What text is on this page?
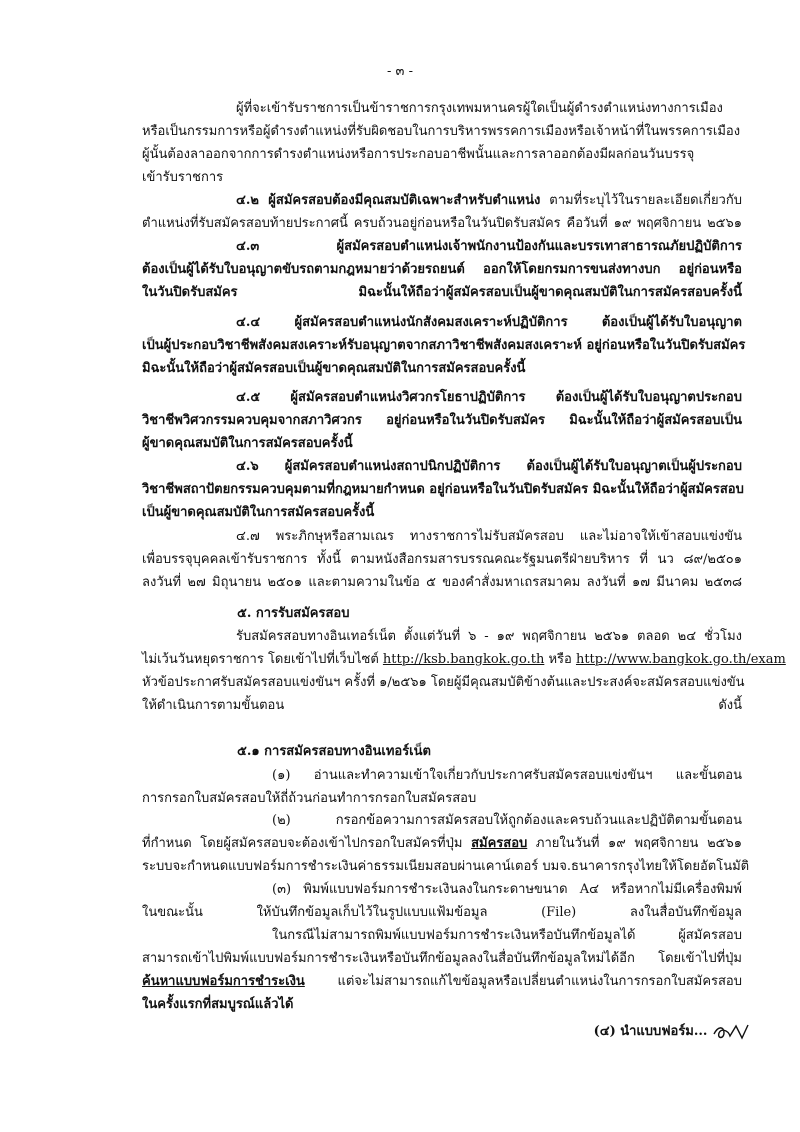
- ๓ -
ผู้ที่จะเข้ารับราชการเป็นข้าราชการกรุงเทพมหานครผู้ใดเป็นผู้ดำรงตำแหน่งทางการเมือง
หรือเป็นกรรมการหรือผู้ดำรงตำแหน่งที่รับผิดชอบในการบริหารพรรคการเมืองหรือเจ้าหน้าที่ในพรรคการเมือง
ผู้นั้นต้องลาออกจากการดำรงตำแหน่งหรือการประกอบอาชีพนั้นและการลาออกต้องมีผลก่อนวันบรรจุ
เข้ารับราชการ
๔.๒ ผู้สมัครสอบต้องมีคุณสมบัติเฉพาะสำหรับตำแหน่ง ตามที่ระบุไว้ในรายละเอียดเกี่ยวกับ
ตำแหน่งที่รับสมัครสอบท้ายประกาศนี้ ครบถ้วนอยู่ก่อนหรือในวันปิดรับสมัคร คือวันที่ ๑๙ พฤศจิกายน ๒๕๖๑
๔.๓ ผู้สมัครสอบตำแหน่งเจ้าพนักงานป้องกันและบรรเทาสาธารณภัยปฏิบัติการ
ต้องเป็นผู้ได้รับใบอนุญาตขับรถตามกฎหมายว่าด้วยรถยนต์ ออกให้โดยกรมการขนส่งทางบก อยู่ก่อนหรือ
ในวันปิดรับสมัคร มิฉะนั้นให้ถือว่าผู้สมัครสอบเป็นผู้ขาดคุณสมบัติในการสมัครสอบครั้งนี้
๔.๔ ผู้สมัครสอบตำแหน่งนักสังคมสงเคราะห์ปฏิบัติการ ต้องเป็นผู้ได้รับใบอนุญาต
เป็นผู้ประกอบวิชาชีพสังคมสงเคราะห์รับอนุญาตจากสภาวิชาชีพสังคมสงเคราะห์ อยู่ก่อนหรือในวันปิดรับสมัคร
มิฉะนั้นให้ถือว่าผู้สมัครสอบเป็นผู้ขาดคุณสมบัติในการสมัครสอบครั้งนี้
๔.๕ ผู้สมัครสอบตำแหน่งวิศวกรโยธาปฏิบัติการ ต้องเป็นผู้ได้รับใบอนุญาตประกอบ
วิชาชีพวิศวกรรมควบคุมจากสภาวิศวกร อยู่ก่อนหรือในวันปิดรับสมัคร มิฉะนั้นให้ถือว่าผู้สมัครสอบเป็น
ผู้ขาดคุณสมบัติในการสมัครสอบครั้งนี้
๔.๖ ผู้สมัครสอบตำแหน่งสถาปนิกปฏิบัติการ ต้องเป็นผู้ได้รับใบอนุญาตเป็นผู้ประกอบ
วิชาชีพสถาปัตยกรรมควบคุมตามที่กฎหมายกำหนด อยู่ก่อนหรือในวันปิดรับสมัคร มิฉะนั้นให้ถือว่าผู้สมัครสอบ
เป็นผู้ขาดคุณสมบัติในการสมัครสอบครั้งนี้
๔.๗ พระภิกษุหรือสามเณร ทางราชการไม่รับสมัครสอบ และไม่อาจให้เข้าสอบแข่งขัน
เพื่อบรรจุบุคคลเข้ารับราชการ ทั้งนี้ ตามหนังสือกรมสารบรรณคณะรัฐมนตรีฝ่ายบริหาร ที่ นว ๘๙/๒๕๐๑
ลงวันที่ ๒๗ มิถุนายน ๒๕๐๑ และตามความในข้อ ๕ ของคำสั่งมหาเถรสมาคม ลงวันที่ ๑๗ มีนาคม ๒๕๓๘
๕. การรับสมัครสอบ
รับสมัครสอบทางอินเทอร์เน็ต ตั้งแต่วันที่ ๖ - ๑๙ พฤศจิกายน ๒๕๖๑ ตลอด ๒๔ ชั่วโมง
ไม่เว้นวันหยุดราชการ โดยเข้าไปที่เว็บไซต์ http://ksb.bangkok.go.th หรือ http://www.bangkok.go.th/exam
หัวข้อประกาศรับสมัครสอบแข่งขันฯ ครั้งที่ ๑/๒๕๖๑ โดยผู้มีคุณสมบัติข้างต้นและประสงค์จะสมัครสอบแข่งขัน
ให้ดำเนินการตามขั้นตอน ดังนี้
๕.๑ การสมัครสอบทางอินเทอร์เน็ต
(๑) อ่านและทำความเข้าใจเกี่ยวกับประกาศรับสมัครสอบแข่งขันฯ และขั้นตอน
การกรอกใบสมัครสอบให้ถี่ถ้วนก่อนทำการกรอกใบสมัครสอบ
(๒) กรอกข้อความการสมัครสอบให้ถูกต้องและครบถ้วนและปฏิบัติตามขั้นตอน
ที่กำหนด โดยผู้สมัครสอบจะต้องเข้าไปกรอกใบสมัครที่ปุ่ม สมัครสอบ ภายในวันที่ ๑๙ พฤศจิกายน ๒๕๖๑
ระบบจะกำหนดแบบฟอร์มการชำระเงินค่าธรรมเนียมสอบผ่านเคาน์เตอร์ บมจ.ธนาคารกรุงไทยให้โดยอัตโนมัติ
(๓) พิมพ์แบบฟอร์มการชำระเงินลงในกระดาษขนาด A๔ หรือหากไม่มีเครื่องพิมพ์
ในขณะนั้น ให้บันทึกข้อมูลเก็บไว้ในรูปแบบแฟ้มข้อมูล (File) ลงในสื่อบันทึกข้อมูล
ในกรณีไม่สามารถพิมพ์แบบฟอร์มการชำระเงินหรือบันทึกข้อมูลได้ ผู้สมัครสอบ
สามารถเข้าไปพิมพ์แบบฟอร์มการชำระเงินหรือบันทึกข้อมูลลงในสื่อบันทึกข้อมูลใหม่ได้อีก โดยเข้าไปที่ปุ่ม
ค้นหาแบบฟอร์มการชำระเงิน แต่จะไม่สามารถแก้ไขข้อมูลหรือเปลี่ยนตำแหน่งในการกรอกใบสมัครสอบ
ในครั้งแรกที่สมบูรณ์แล้วได้
(๔) นำแบบฟอร์ม...
